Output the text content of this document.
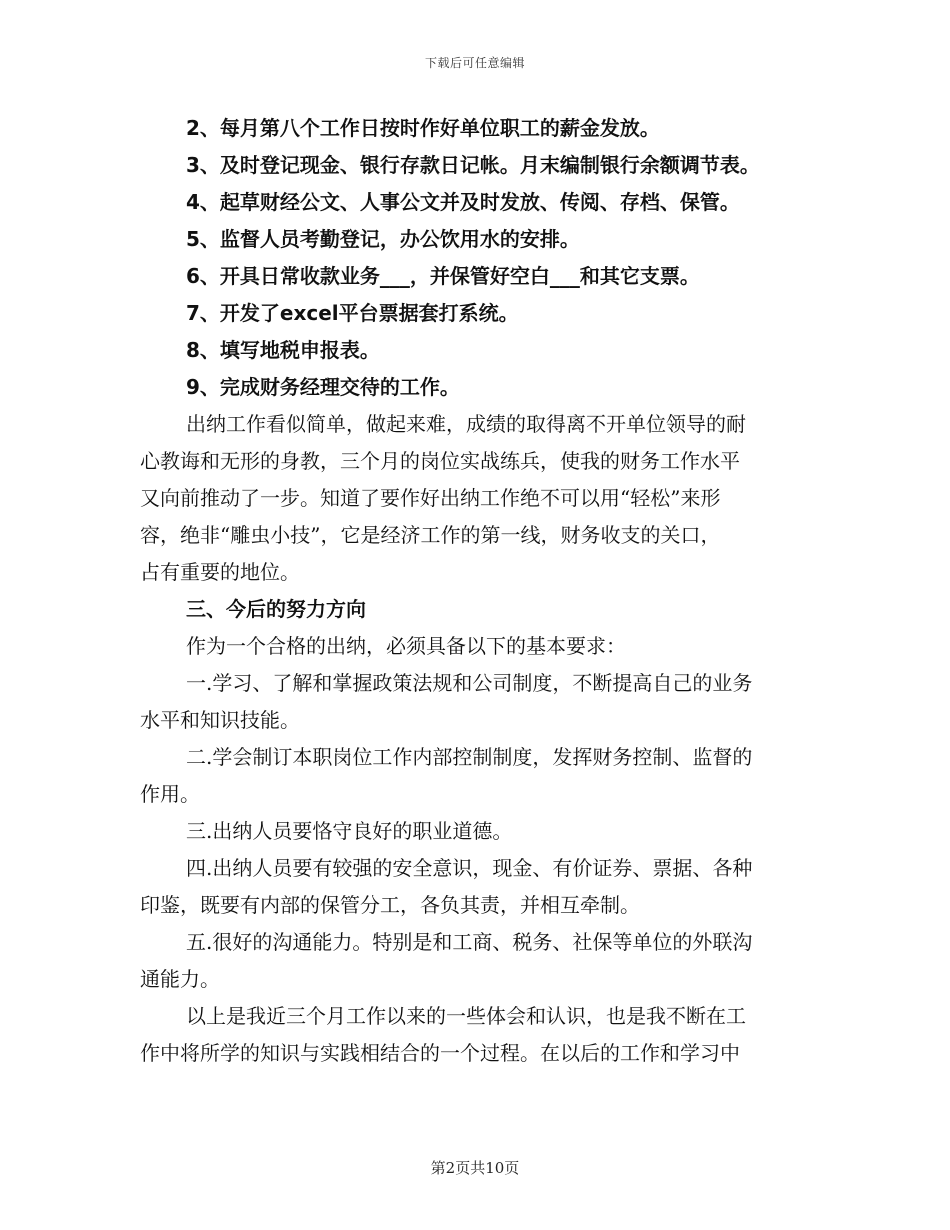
下载后可任意编辑
2、每月第八个工作日按时作好单位职工的薪金发放。
3、及时登记现金、银行存款日记帐。月末编制银行余额调节表。
4、起草财经公文、人事公文并及时发放、传阅、存档、保管。
5、监督人员考勤登记，办公饮用水的安排。
6、开具日常收款业务___，并保管好空白___和其它支票。
7、开发了excel平台票据套打系统。
8、填写地税申报表。
9、完成财务经理交待的工作。
出纳工作看似简单，做起来难，成绩的取得离不开单位领导的耐
心教诲和无形的身教，三个月的岗位实战练兵，使我的财务工作水平
又向前推动了一步。知道了要作好出纳工作绝不可以用“轻松”来形
容，绝非“雕虫小技”，它是经济工作的第一线，财务收支的关口，
占有重要的地位。
三、今后的努力方向
作为一个合格的出纳，必须具备以下的基本要求：
一.学习、了解和掌握政策法规和公司制度，不断提高自己的业务
水平和知识技能。
二.学会制订本职岗位工作内部控制制度，发挥财务控制、监督的
作用。
三.出纳人员要恪守良好的职业道德。
四.出纳人员要有较强的安全意识，现金、有价证券、票据、各种
印鉴，既要有内部的保管分工，各负其责，并相互牵制。
五.很好的沟通能力。特别是和工商、税务、社保等单位的外联沟
通能力。
以上是我近三个月工作以来的一些体会和认识，也是我不断在工
作中将所学的知识与实践相结合的一个过程。在以后的工作和学习中
第2页共10页
